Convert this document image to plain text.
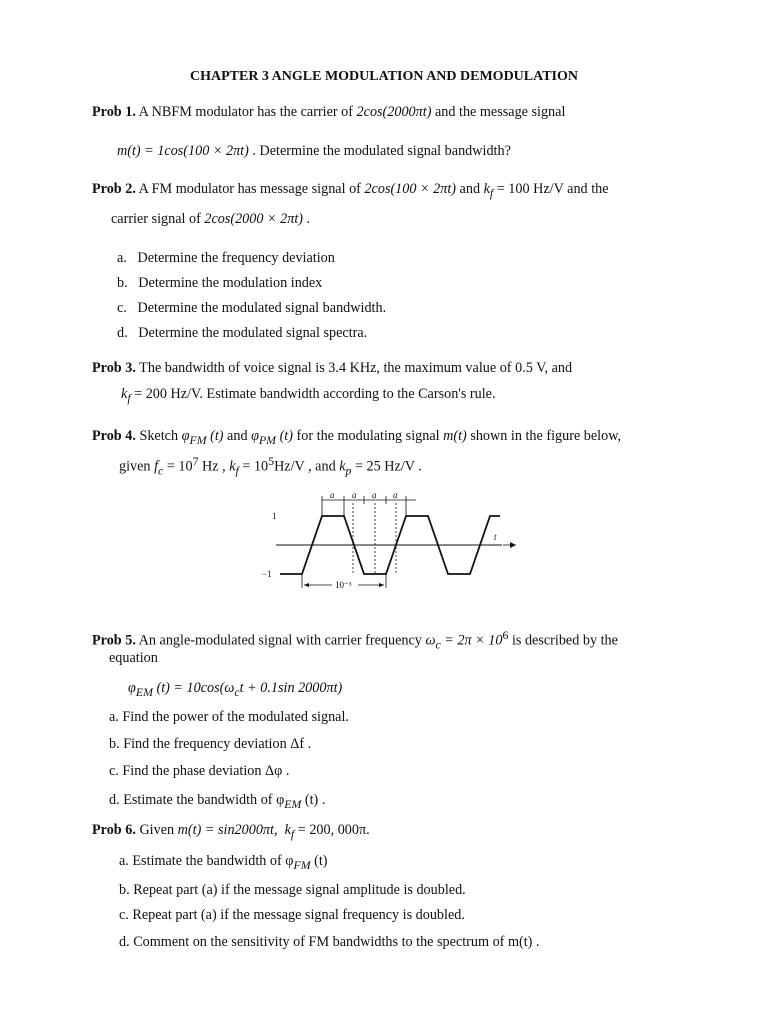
CHAPTER 3 ANGLE MODULATION AND DEMODULATION
Prob 1. A NBFM modulator has the carrier of 2cos(2000πt) and the message signal
m(t) = 1cos(100 × 2πt) . Determine the modulated signal bandwidth?
Prob 2. A FM modulator has message signal of 2cos(100 × 2πt) and $k_f = 100$ Hz/V and the
carrier signal of 2cos(2000 × 2πt) .
a. Determine the frequency deviation
b. Determine the modulation index
c. Determine the modulated signal bandwidth.
d. Determine the modulated signal spectra.
Prob 3. The bandwidth of voice signal is 3.4 KHz, the maximum value of 0.5 V, and
$k_f = 200$ Hz/V. Estimate bandwidth according to the Carson's rule.
Prob 4. Sketch $\varphi_{FM}$ (t) and $\varphi_{PM}$ (t) for the modulating signal m(t) shown in the figure below,
given $f_c = 10^7$ Hz , $k_f = 10^5Hz/V$ , and $k_p = 25$ Hz/V .
a a a a
t
1
−1
10⁻³
Prob 5. An angle-modulated signal with carrier frequency $\omega_c = 2\pi \times 10^6$ is described by the
equation
$\varphi_{EM}$ $(t) = 10\cos(\omega_ct + 0.1\sin$ 2000πt)
a. Find the power of the modulated signal.
b. Find the frequency deviation Δf .
c. Find the phase deviation Δφ .
d. Estimate the bandwidth of $\varphi_{EM}$ (t) .
Prob 6. Given m(t) = sin2000πt, $k_f = 200$, 000π.
a. Estimate the bandwidth of $\varphi_{FM}$ (t)
b. Repeat part (a) if the message signal amplitude is doubled.
c. Repeat part (a) if the message signal frequency is doubled.
d. Comment on the sensitivity of FM bandwidths to the spectrum of m(t) .
